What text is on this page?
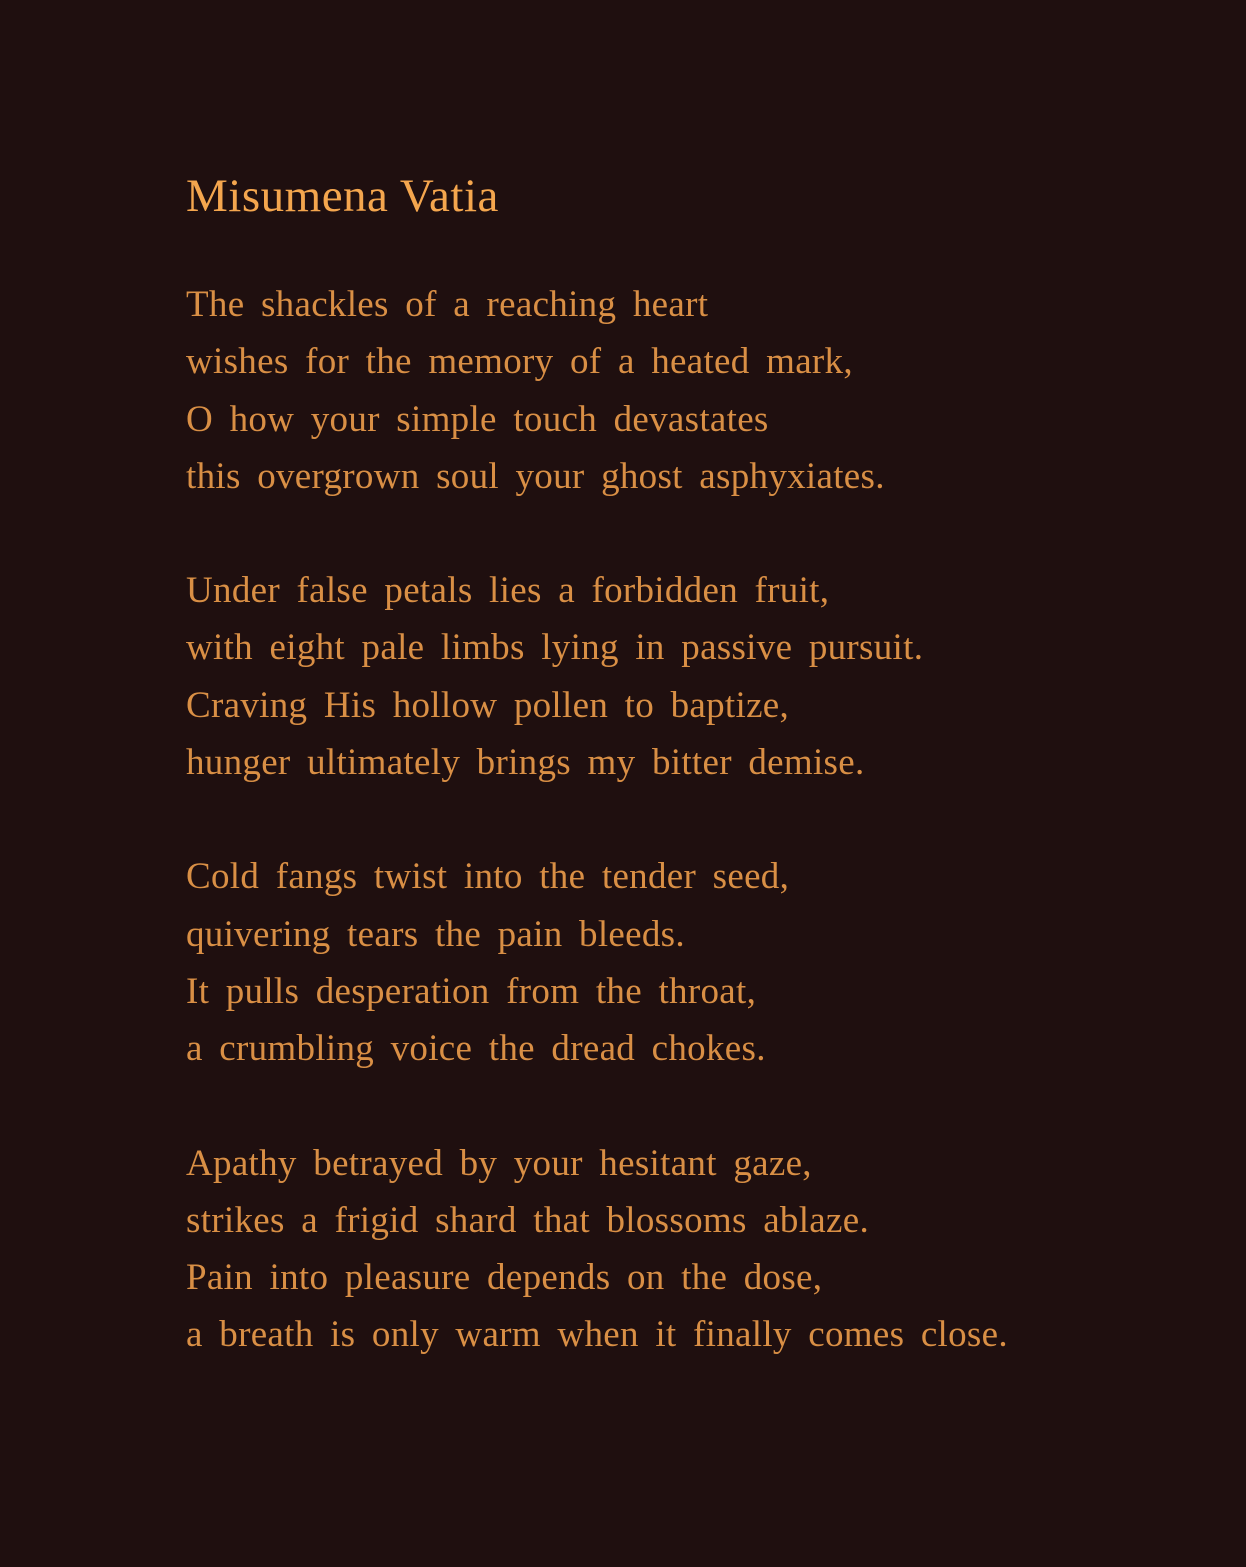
Misumena Vatia
The shackles of a reaching heart
wishes for the memory of a heated mark,
O how your simple touch devastates
this overgrown soul your ghost asphyxiates.
Under false petals lies a forbidden fruit,
with eight pale limbs lying in passive pursuit.
Craving His hollow pollen to baptize,
hunger ultimately brings my bitter demise.
Cold fangs twist into the tender seed,
quivering tears the pain bleeds.
It pulls desperation from the throat,
a crumbling voice the dread chokes.
Apathy betrayed by your hesitant gaze,
strikes a frigid shard that blossoms ablaze.
Pain into pleasure depends on the dose,
a breath is only warm when it finally comes close.
